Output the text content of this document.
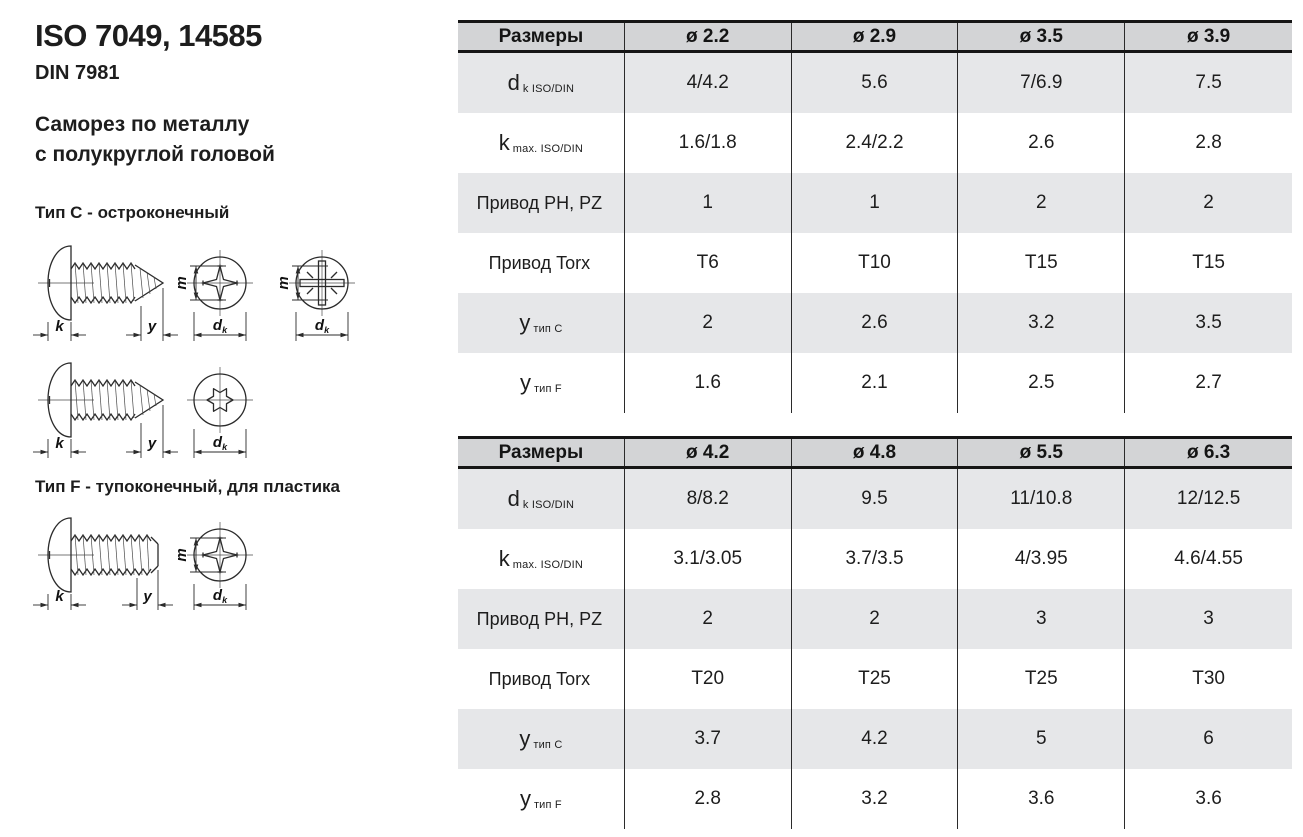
ISO 7049, 14585
DIN 7981
Саморез по металлу
с полукруглой головой
Тип С - остроконечный
Тип F - тупоконечный, для пластика
k	y
m
$d_k$
m
$d_k$
k	y	$d_k$
k	y
m
$d_k$
Размеры	ø 2.2	ø 2.9	ø 3.5	ø 3.9
d k ISO/DIN	4/4.2	5.6	7/6.9	7.5
k max. ISO/DIN	1.6/1.8	2.4/2.2	2.6	2.8
Привод PH, PZ	1	1	2	2
Привод Torx	T6	T10	T15	T15
y тип С	2	2.6	3.2	3.5
y тип F	1.6	2.1	2.5	2.7
Размеры	ø 4.2	ø 4.8	ø 5.5	ø 6.3
d k ISO/DIN	8/8.2	9.5	11/10.8	12/12.5
k max. ISO/DIN	3.1/3.05	3.7/3.5	4/3.95	4.6/4.55
Привод PH, PZ	2	2	3	3
Привод Torx	T20	T25	T25	T30
y тип С	3.7	4.2	5	6
y тип F	2.8	3.2	3.6	3.6
